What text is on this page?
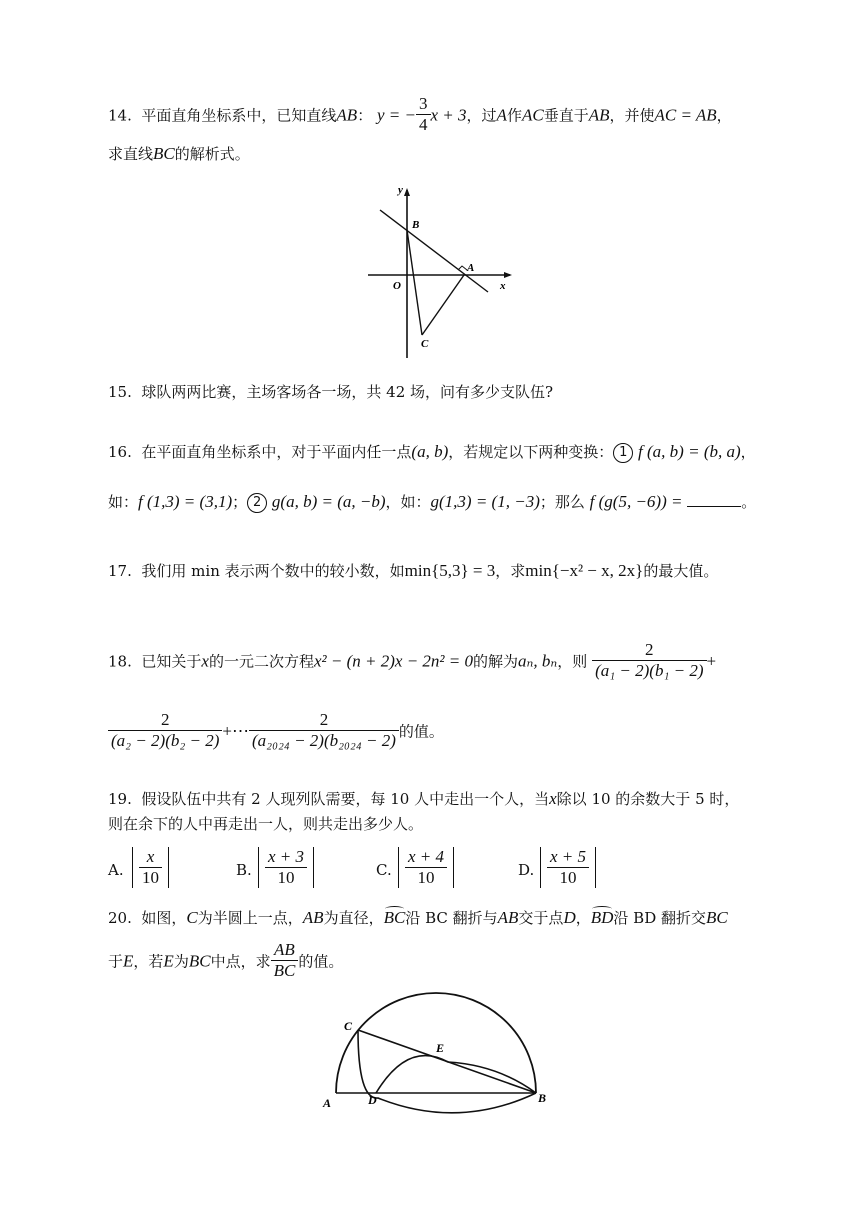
14. 平面直角坐标系中，已知直线AB： y = − $\frac{3}{4}$ x + 3，过A作AC垂直于AB，并使AC = AB，
求直线BC的解析式。
y
B
O
A
x
C
15. 球队两两比赛，主场客场各一场，共 42 场，问有多少支队伍?
16. 在平面直角坐标系中，对于平面内任一点(a, b)，若规定以下两种变换： 1 f (a, b) = (b, a)，
如：f (1,3) = (3,1)； 2 g(a, b) = (a, −b)，如：g(1,3) = (1, −3)；那么 f (g(5, −6)) =	。
17. 我们用 min 表示两个数中的较小数，如min{5,3} = 3，求min{−x² − x, 2x}的最大值。
18. 已知关于x的一元二次方程x² − (n + 2)x − 2n² = 0的解为aₙ, bₙ，则 $\frac{2}{\text{(a₁ − 2)(b₁ − 2)}}$ +
$\frac{2}{\text{(a₂ − 2)(b₂ − 2)}}$ +⋯ $\frac{2}{\text{(a₂₀₂₄ − 2)(b₂₀₂₄ − 2)}}$ 的值。
19. 假设队伍中共有 2 人现列队需要，每 10 人中走出一个人，当x除以 10 的余数大于 5 时，
则在余下的人中再走出一人，则共走出多少人。
A. $\frac{x}{10}$	B. $\frac{x + 3}{10}$	C. $\frac{x + 4}{10}$	D. $\frac{x + 5}{10}$
20. 如图，C为半圆上一点，AB为直径，BC沿 BC 翻折与AB交于点D，BD沿 BD 翻折交BC
于E，若E为BC中点，求 $\frac{AB}{BC}$ 的值。
C
E
A	D	B
